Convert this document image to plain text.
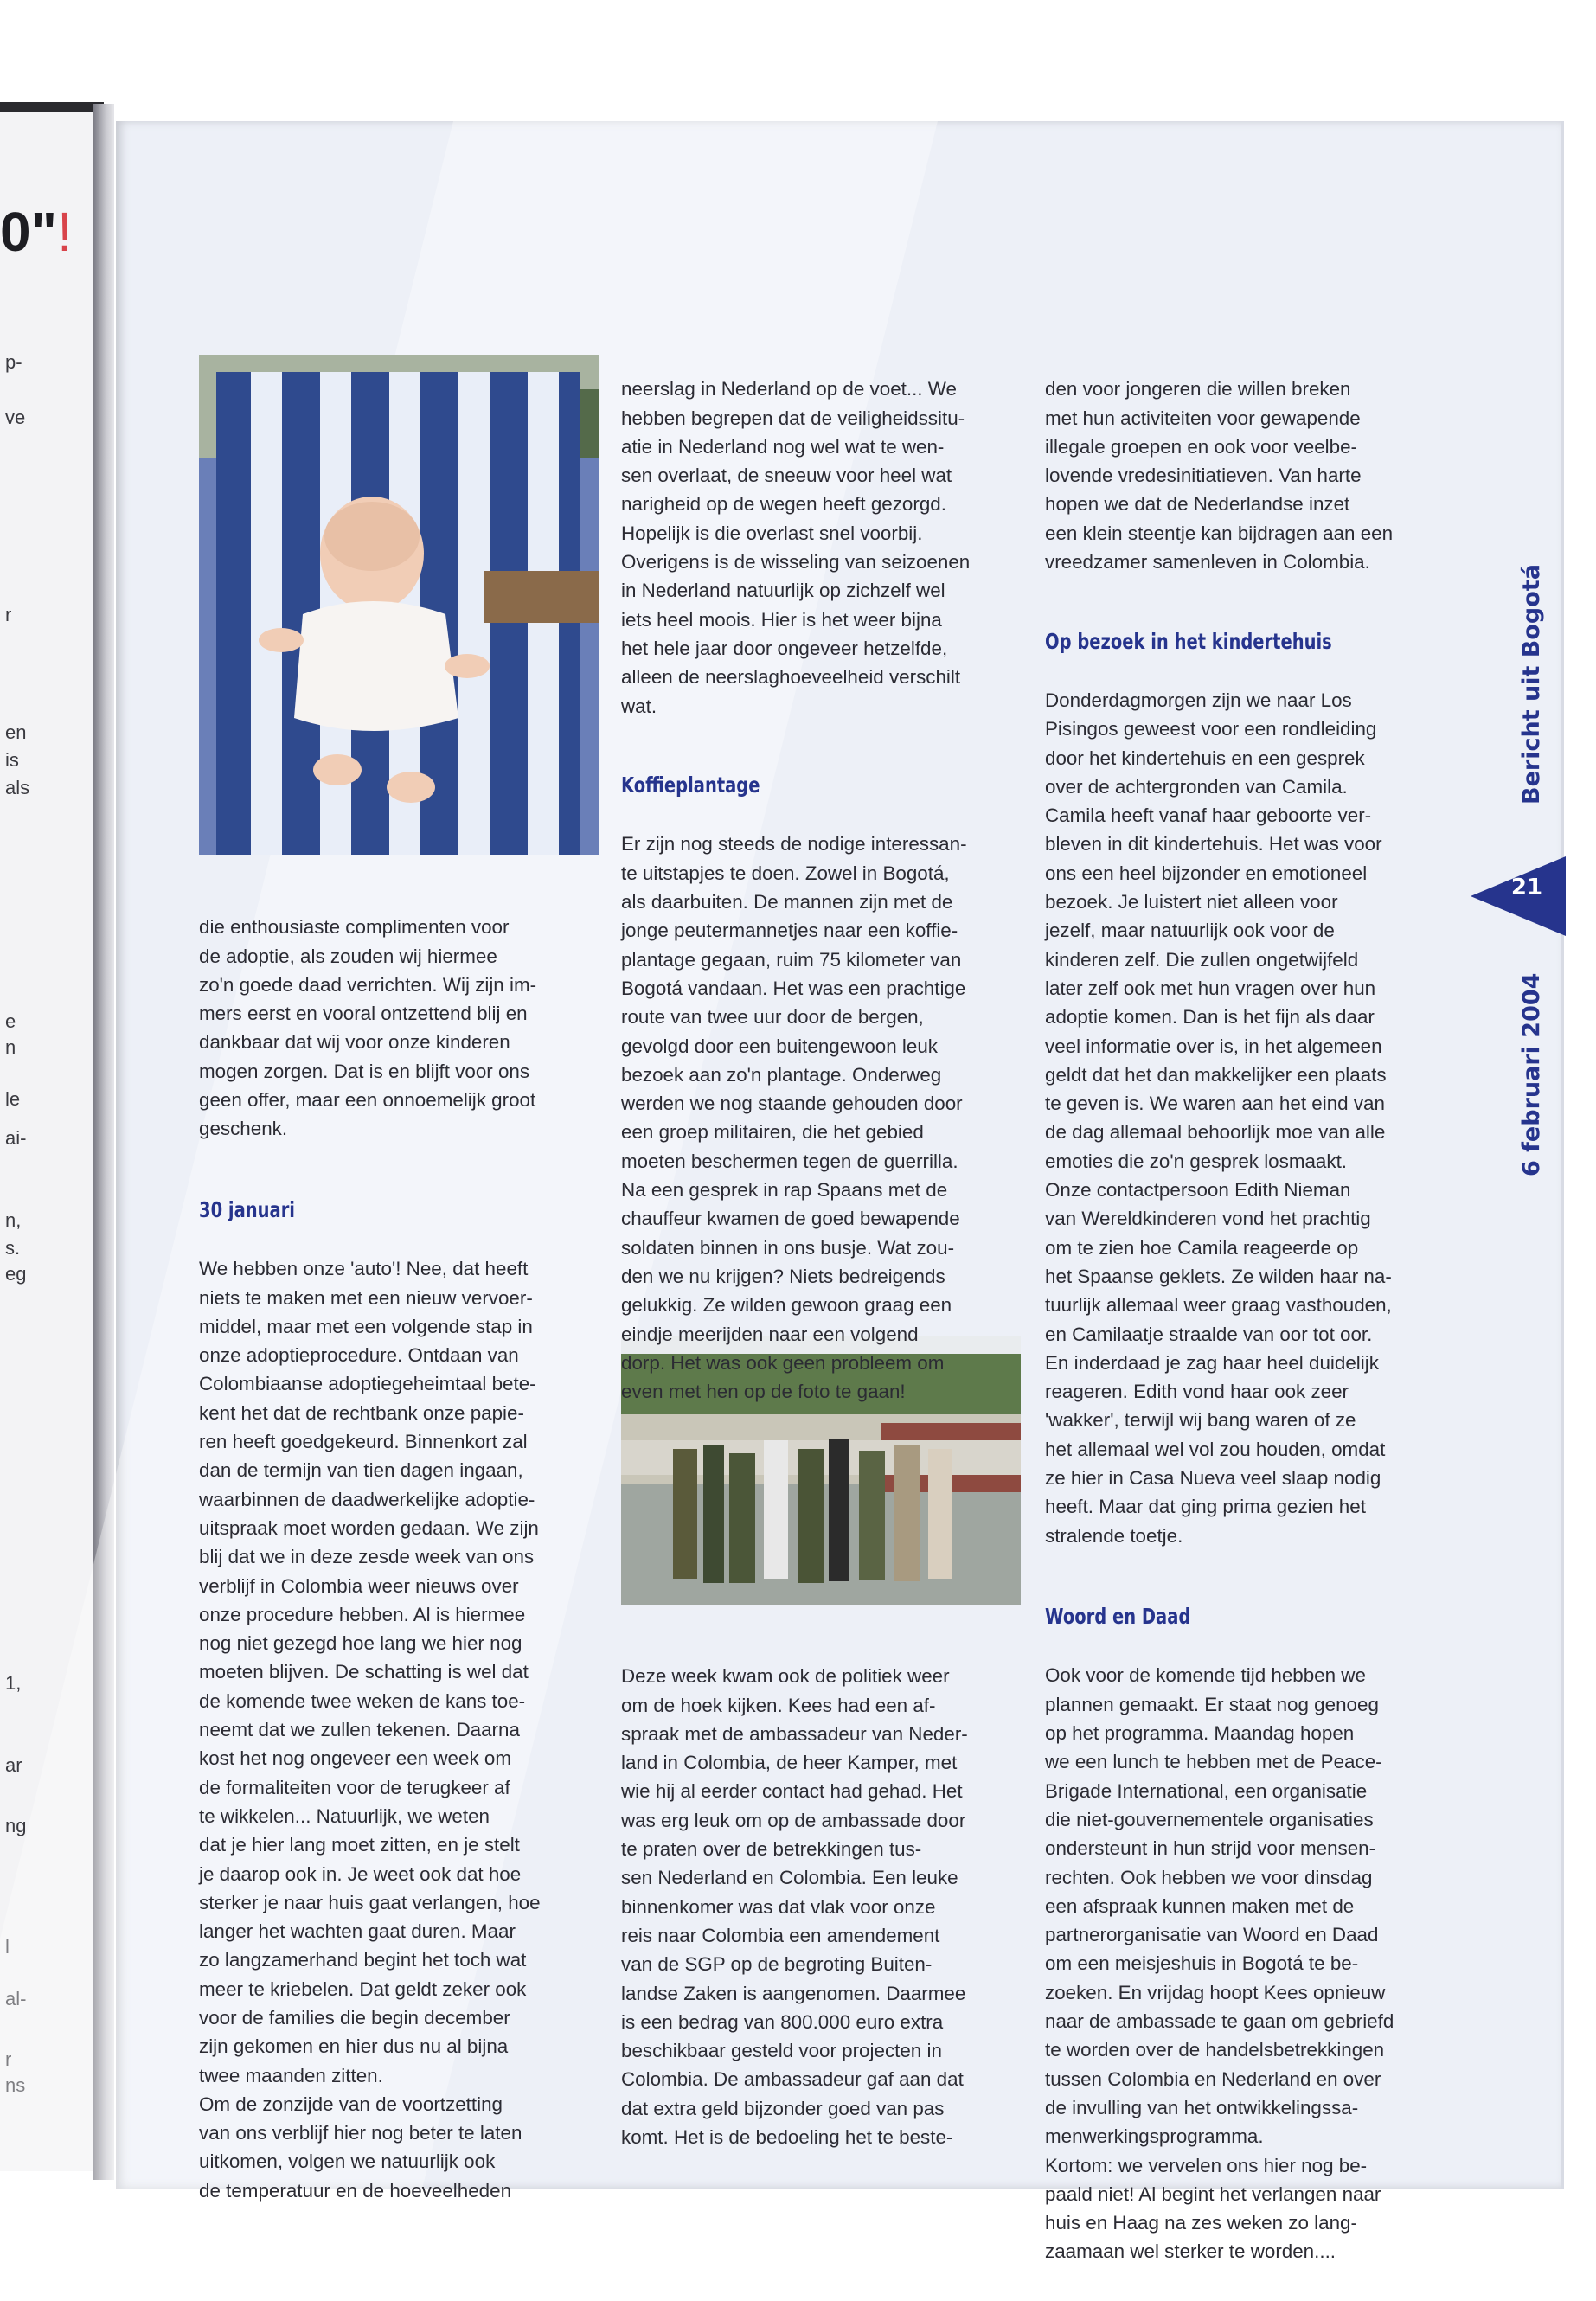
0"!
p-
ve
r
en
is
als
e
n
le
ai-
n,
s.
eg
1,
ar
ng
l
al-
r
ns

die enthousiaste complimenten voor
de adoptie, als zouden wij hiermee
zo'n goede daad verrichten. Wij zijn im-
mers eerst en vooral ontzettend blij en
dankbaar dat wij voor onze kinderen
mogen zorgen. Dat is en blijft voor ons
geen offer, maar een onnoemelijk groot
geschenk.

30 januari

We hebben onze 'auto'! Nee, dat heeft
niets te maken met een nieuw vervoer-
middel, maar met een volgende stap in
onze adoptieprocedure. Ontdaan van
Colombiaanse adoptiegeheimtaal bete-
kent het dat de rechtbank onze papie-
ren heeft goedgekeurd. Binnenkort zal
dan de termijn van tien dagen ingaan,
waarbinnen de daadwerkelijke adoptie-
uitspraak moet worden gedaan. We zijn
blij dat we in deze zesde week van ons
verblijf in Colombia weer nieuws over
onze procedure hebben. Al is hiermee
nog niet gezegd hoe lang we hier nog
moeten blijven. De schatting is wel dat
de komende twee weken de kans toe-
neemt dat we zullen tekenen. Daarna
kost het nog ongeveer een week om
de formaliteiten voor de terugkeer af
te wikkelen... Natuurlijk, we weten
dat je hier lang moet zitten, en je stelt
je daarop ook in. Je weet ook dat hoe
sterker je naar huis gaat verlangen, hoe
langer het wachten gaat duren. Maar
zo langzamerhand begint het toch wat
meer te kriebelen. Dat geldt zeker ook
voor de families die begin december
zijn gekomen en hier dus nu al bijna
twee maanden zitten.
Om de zonzijde van de voortzetting
van ons verblijf hier nog beter te laten
uitkomen, volgen we natuurlijk ook
de temperatuur en de hoeveelheden

neerslag in Nederland op de voet... We
hebben begrepen dat de veiligheidssitu-
atie in Nederland nog wel wat te wen-
sen overlaat, de sneeuw voor heel wat
narigheid op de wegen heeft gezorgd.
Hopelijk is die overlast snel voorbij.
Overigens is de wisseling van seizoenen
in Nederland natuurlijk op zichzelf wel
iets heel moois. Hier is het weer bijna
het hele jaar door ongeveer hetzelfde,
alleen de neerslaghoeveelheid verschilt
wat.

Koffieplantage

Er zijn nog steeds de nodige interessan-
te uitstapjes te doen. Zowel in Bogotá,
als daarbuiten. De mannen zijn met de
jonge peutermannetjes naar een koffie-
plantage gegaan, ruim 75 kilometer van
Bogotá vandaan. Het was een prachtige
route van twee uur door de bergen,
gevolgd door een buitengewoon leuk
bezoek aan zo'n plantage. Onderweg
werden we nog staande gehouden door
een groep militairen, die het gebied
moeten beschermen tegen de guerrilla.
Na een gesprek in rap Spaans met de
chauffeur kwamen de goed bewapende
soldaten binnen in ons busje. Wat zou-
den we nu krijgen? Niets bedreigends
gelukkig. Ze wilden gewoon graag een
eindje meerijden naar een volgend
dorp. Het was ook geen probleem om
even met hen op de foto te gaan!

Deze week kwam ook de politiek weer
om de hoek kijken. Kees had een af-
spraak met de ambassadeur van Neder-
land in Colombia, de heer Kamper, met
wie hij al eerder contact had gehad. Het
was erg leuk om op de ambassade door
te praten over de betrekkingen tus-
sen Nederland en Colombia. Een leuke
binnenkomer was dat vlak voor onze
reis naar Colombia een amendement
van de SGP op de begroting Buiten-
landse Zaken is aangenomen. Daarmee
is een bedrag van 800.000 euro extra
beschikbaar gesteld voor projecten in
Colombia. De ambassadeur gaf aan dat
dat extra geld bijzonder goed van pas
komt. Het is de bedoeling het te beste-

den voor jongeren die willen breken
met hun activiteiten voor gewapende
illegale groepen en ook voor veelbe-
lovende vredesinitiatieven. Van harte
hopen we dat de Nederlandse inzet
een klein steentje kan bijdragen aan een
vreedzamer samenleven in Colombia.

Op bezoek in het kindertehuis

Donderdagmorgen zijn we naar Los
Pisingos geweest voor een rondleiding
door het kindertehuis en een gesprek
over de achtergronden van Camila.
Camila heeft vanaf haar geboorte ver-
bleven in dit kindertehuis. Het was voor
ons een heel bijzonder en emotioneel
bezoek. Je luistert niet alleen voor
jezelf, maar natuurlijk ook voor de
kinderen zelf. Die zullen ongetwijfeld
later zelf ook met hun vragen over hun
adoptie komen. Dan is het fijn als daar
veel informatie over is, in het algemeen
geldt dat het dan makkelijker een plaats
te geven is. We waren aan het eind van
de dag allemaal behoorlijk moe van alle
emoties die zo'n gesprek losmaakt.
Onze contactpersoon Edith Nieman
van Wereldkinderen vond het prachtig
om te zien hoe Camila reageerde op
het Spaanse geklets. Ze wilden haar na-
tuurlijk allemaal weer graag vasthouden,
en Camilaatje straalde van oor tot oor.
En inderdaad je zag haar heel duidelijk
reageren. Edith vond haar ook zeer
'wakker', terwijl wij bang waren of ze
het allemaal wel vol zou houden, omdat
ze hier in Casa Nueva veel slaap nodig
heeft. Maar dat ging prima gezien het
stralende toetje.

Woord en Daad

Ook voor de komende tijd hebben we
plannen gemaakt. Er staat nog genoeg
op het programma. Maandag hopen
we een lunch te hebben met de Peace-
Brigade International, een organisatie
die niet-gouvernementele organisaties
ondersteunt in hun strijd voor mensen-
rechten. Ook hebben we voor dinsdag
een afspraak kunnen maken met de
partnerorganisatie van Woord en Daad
om een meisjeshuis in Bogotá te be-
zoeken. En vrijdag hoopt Kees opnieuw
naar de ambassade te gaan om gebriefd
te worden over de handelsbetrekkingen
tussen Colombia en Nederland en over
de invulling van het ontwikkelingssa-
menwerkingsprogramma.
Kortom: we vervelen ons hier nog be-
paald niet! Al begint het verlangen naar
huis en Haag na zes weken zo lang-
zaamaan wel sterker te worden....

Bericht uit Bogotá
21
6 februari 2004
